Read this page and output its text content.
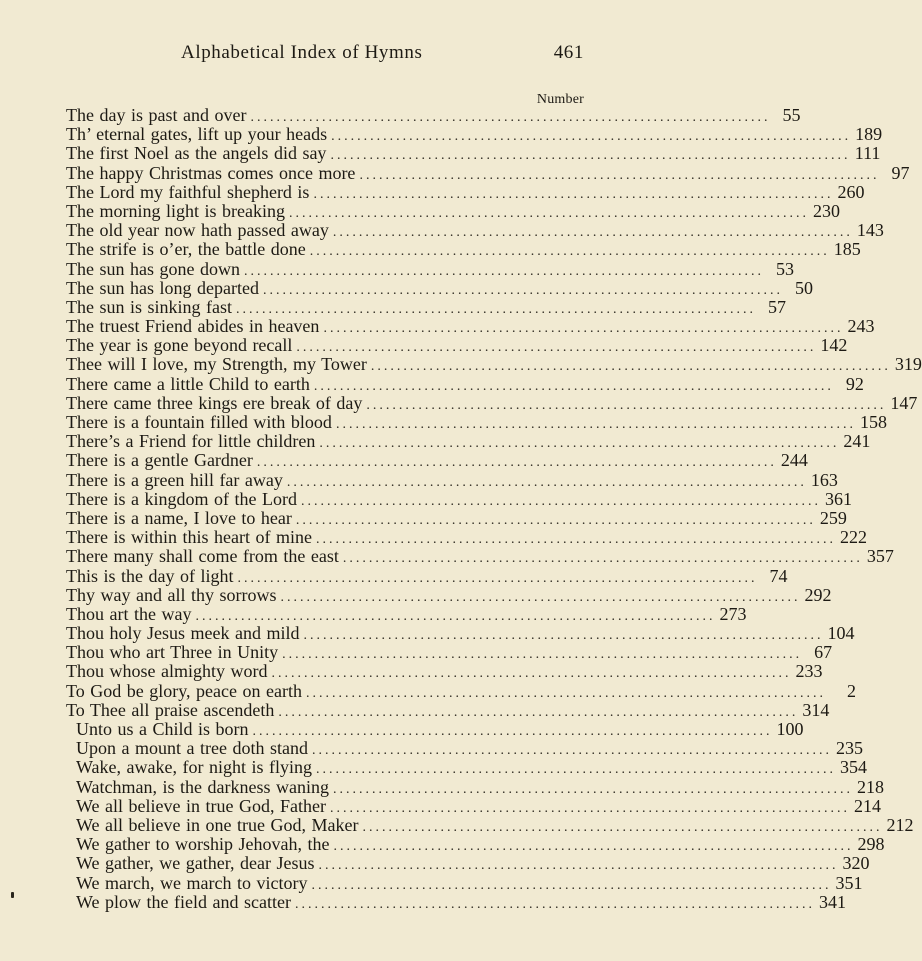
Alphabetical Index of Hymns	461
Number
The day is past and over ................................................................................ 55
Th’ eternal gates, lift up your heads ................................................................................ 189
The first Noel as the angels did say ................................................................................ 111
The happy Christmas comes once more ................................................................................ 97
The Lord my faithful shepherd is ................................................................................ 260
The morning light is breaking ................................................................................ 230
The old year now hath passed away ................................................................................ 143
The strife is o’er, the battle done ................................................................................ 185
The sun has gone down ................................................................................ 53
The sun has long departed ................................................................................ 50
The sun is sinking fast ................................................................................ 57
The truest Friend abides in heaven ................................................................................ 243
The year is gone beyond recall ................................................................................ 142
Thee will I love, my Strength, my Tower ................................................................................ 319
There came a little Child to earth ................................................................................ 92
There came three kings ere break of day ................................................................................ 147
There is a fountain filled with blood ................................................................................ 158
There’s a Friend for little children ................................................................................ 241
There is a gentle Gardner ................................................................................ 244
There is a green hill far away ................................................................................ 163
There is a kingdom of the Lord ................................................................................ 361
There is a name, I love to hear ................................................................................ 259
There is within this heart of mine ................................................................................ 222
There many shall come from the east ................................................................................ 357
This is the day of light ................................................................................ 74
Thy way and all thy sorrows ................................................................................ 292
Thou art the way ................................................................................ 273
Thou holy Jesus meek and mild ................................................................................ 104
Thou who art Three in Unity ................................................................................ 67
Thou whose almighty word ................................................................................ 233
To God be glory, peace on earth ................................................................................	2
To Thee all praise ascendeth ................................................................................ 314
Unto us a Child is born ................................................................................ 100
Upon a mount a tree doth stand ................................................................................ 235
Wake, awake, for night is flying ................................................................................ 354
Watchman, is the darkness waning ................................................................................ 218
We all believe in true God, Father ................................................................................ 214
We all believe in one true God, Maker ................................................................................ 212
We gather to worship Jehovah, the ................................................................................ 298
We gather, we gather, dear Jesus ................................................................................ 320
We march, we march to victory ................................................................................ 351
We plow the field and scatter ................................................................................ 341
